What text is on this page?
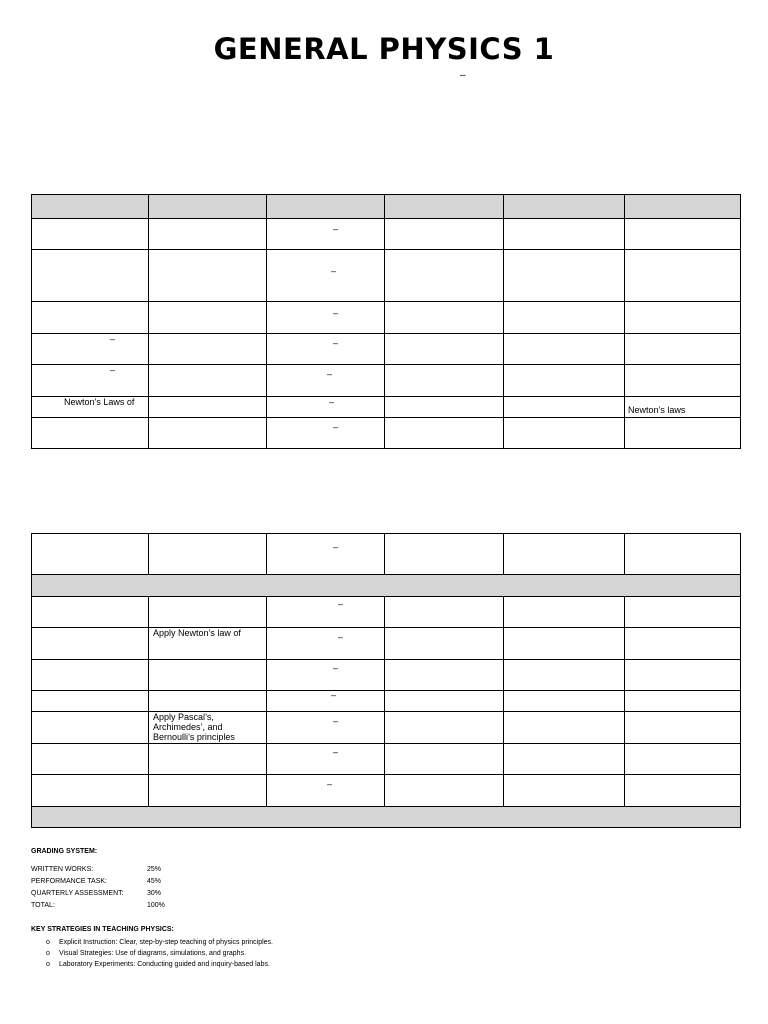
GENERAL PHYSICS 1
–

		–			

		–			

		–			

–		–			

–		–			

Newton’s Laws of		–			Newton’s laws

		–			

		–			

		–			

	Apply Newton’s law of	–			

		–			

		–			

	Apply Pascal’s, Archimedes’, and Bernoulli’s principles	–			

		–			

		–			

GRADING SYSTEM:
WRITTEN WORKS:	25%
PERFORMANCE TASK:	45%
QUARTERLY ASSESSMENT:	30%
TOTAL:	100%
KEY STRATEGIES IN TEACHING PHYSICS:
o Explicit Instruction: Clear, step-by-step teaching of physics principles.
o Visual Strategies: Use of diagrams, simulations, and graphs.
o Laboratory Experiments: Conducting guided and inquiry-based labs.
